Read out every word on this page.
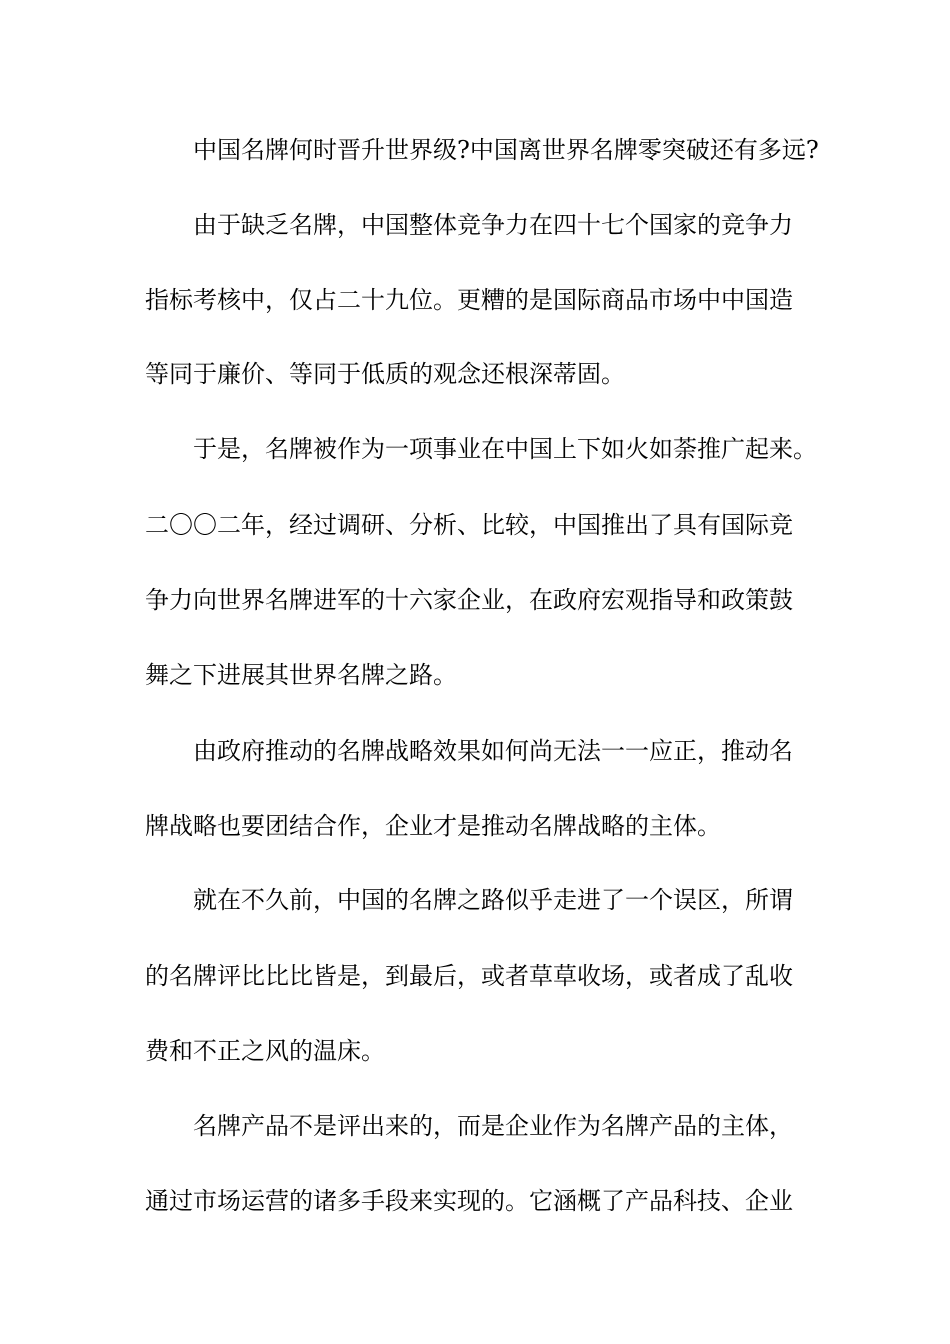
中国名牌何时晋升世界级?中国离世界名牌零突破还有多远?

由于缺乏名牌，中国整体竞争力在四十七个国家的竞争力

指标考核中，仅占二十九位。更糟的是国际商品市场中中国造

等同于廉价、等同于低质的观念还根深蒂固。

于是，名牌被作为一项事业在中国上下如火如荼推广起来。

二〇〇二年，经过调研、分析、比较，中国推出了具有国际竞

争力向世界名牌进军的十六家企业，在政府宏观指导和政策鼓

舞之下进展其世界名牌之路。

由政府推动的名牌战略效果如何尚无法一一应正，推动名

牌战略也要团结合作，企业才是推动名牌战略的主体。

就在不久前，中国的名牌之路似乎走进了一个误区，所谓

的名牌评比比比皆是，到最后，或者草草收场，或者成了乱收

费和不正之风的温床。

名牌产品不是评出来的，而是企业作为名牌产品的主体，

通过市场运营的诸多手段来实现的。它涵概了产品科技、企业
